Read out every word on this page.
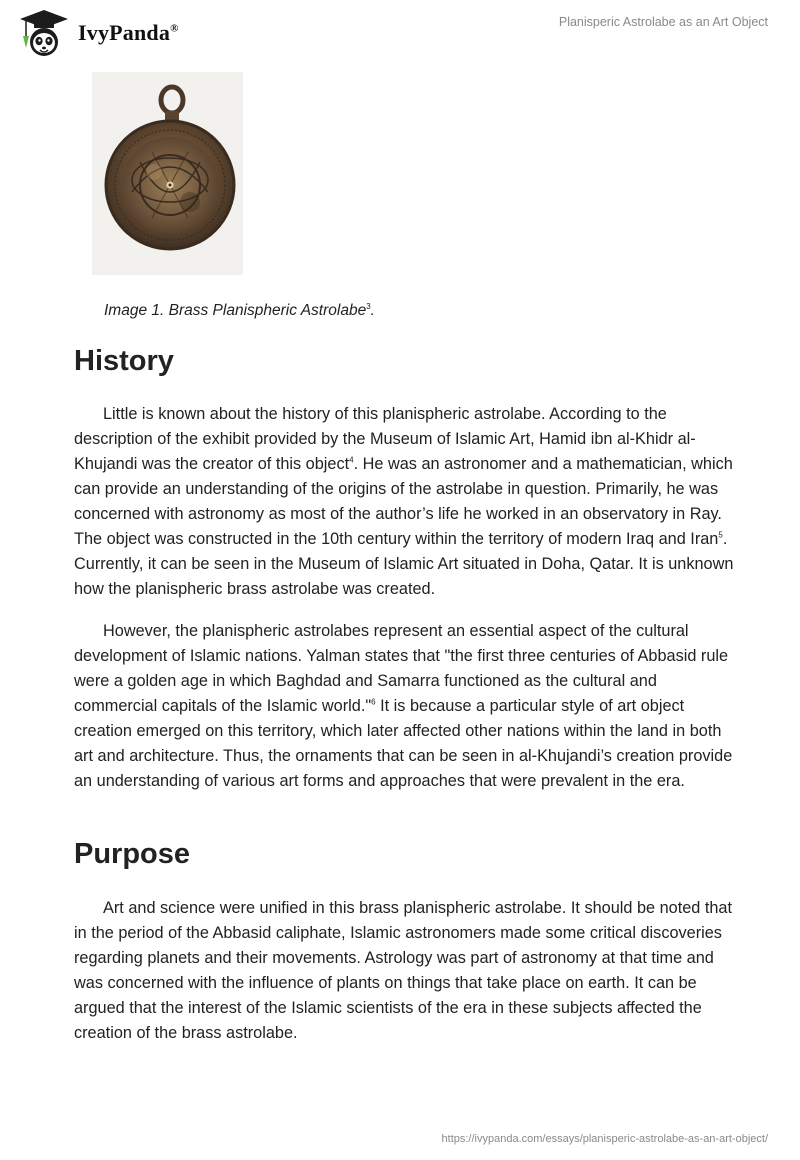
IvyPanda®	Planisperic Astrolabe as an Art Object
Image 1. Brass Planispheric Astrolabe$^3$.
History

Little is known about the history of this planispheric astrolabe. According to the description of the exhibit provided by the Museum of Islamic Art, Hamid ibn al-Khidr al-Khujandi was the creator of this object$^4$. He was an astronomer and a mathematician, which can provide an understanding of the origins of the astrolabe in question. Primarily, he was concerned with astronomy as most of the author’s life he worked in an observatory in Ray. The object was constructed in the 10th century within the territory of modern Iraq and Iran$^5$. Currently, it can be seen in the Museum of Islamic Art situated in Doha, Qatar. It is unknown how the planispheric brass astrolabe was created.

However, the planispheric astrolabes represent an essential aspect of the cultural development of Islamic nations. Yalman states that "the first three centuries of Abbasid rule were a golden age in which Baghdad and Samarra functioned as the cultural and commercial capitals of the Islamic world."$^6$ It is because a particular style of art object creation emerged on this territory, which later affected other nations within the land in both art and architecture. Thus, the ornaments that can be seen in al-Khujandi’s creation provide an understanding of various art forms and approaches that were prevalent in the era.

Purpose

Art and science were unified in this brass planispheric astrolabe. It should be noted that in the period of the Abbasid caliphate, Islamic astronomers made some critical discoveries regarding planets and their movements. Astrology was part of astronomy at that time and was concerned with the influence of plants on things that take place on earth. It can be argued that the interest of the Islamic scientists of the era in these subjects affected the creation of the brass astrolabe.

https://ivypanda.com/essays/planisperic-astrolabe-as-an-art-object/
